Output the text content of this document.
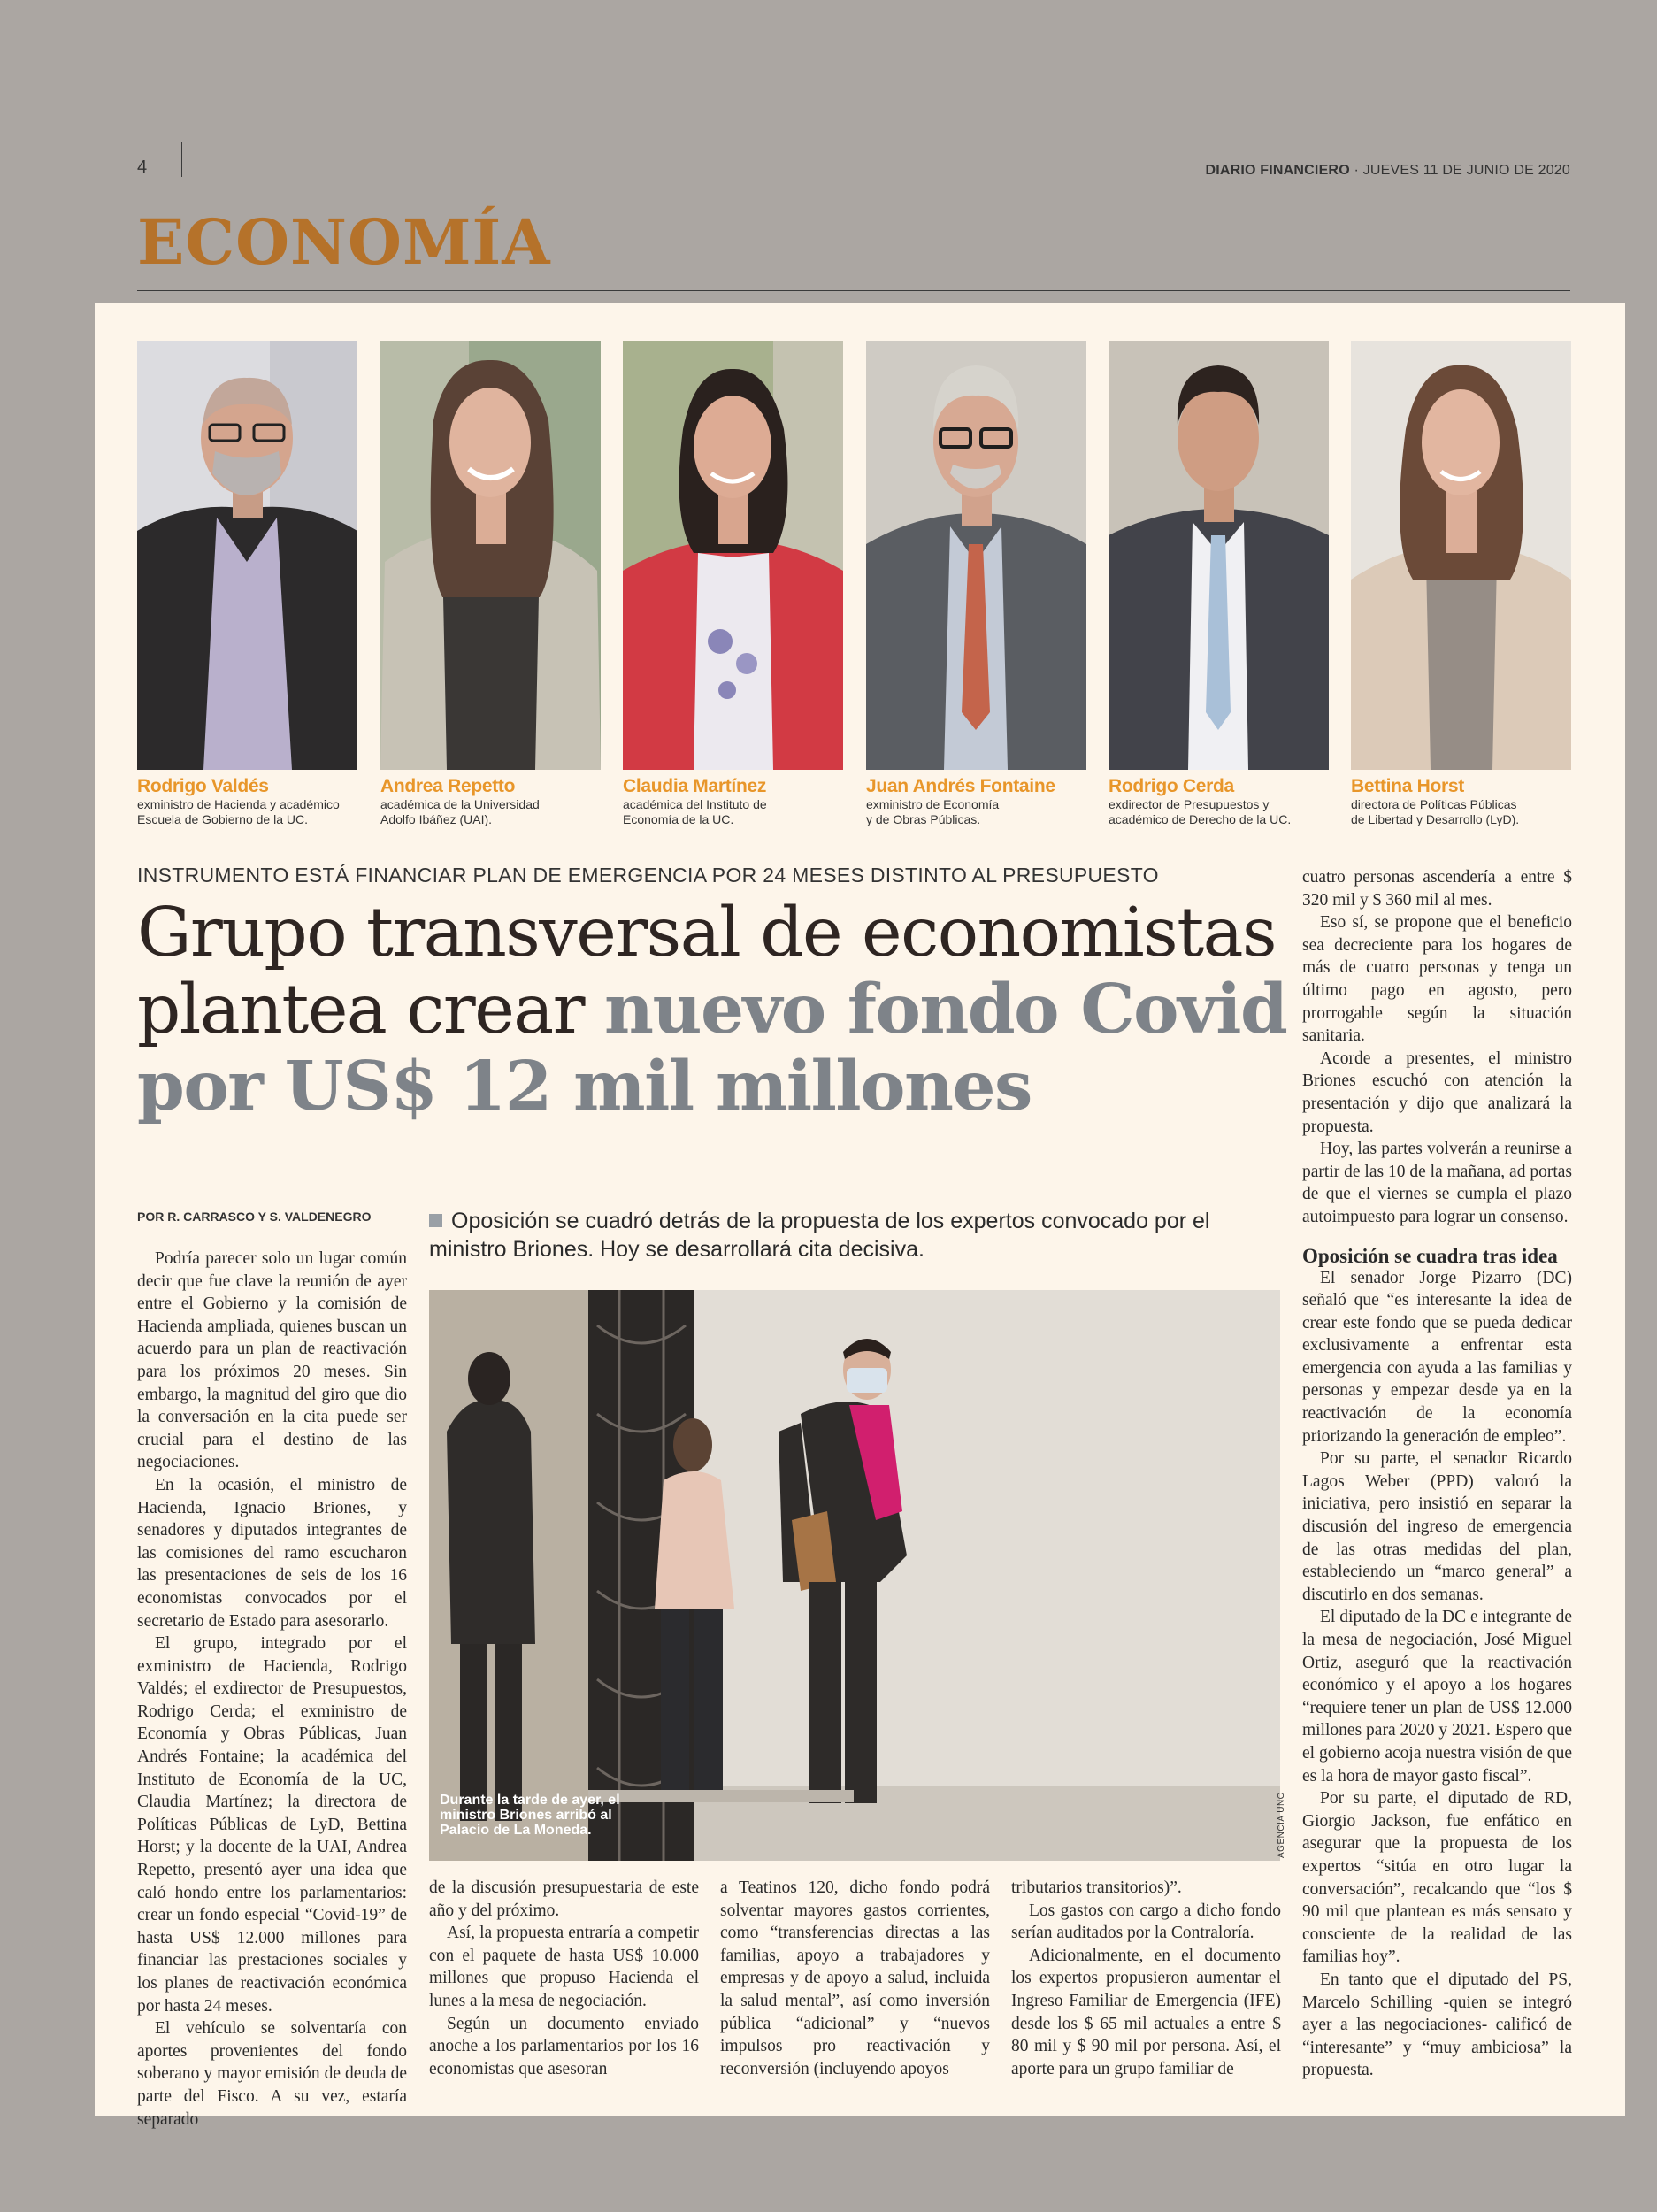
4	DIARIO FINANCIERO · JUEVES 11 DE JUNIO DE 2020
ECONOMÍA
Rodrigo Valdés
exministro de Hacienda y académico
Escuela de Gobierno de la UC.
Andrea Repetto
académica de la Universidad
Adolfo Ibáñez (UAI).
Claudia Martínez
académica del Instituto de
Economía de la UC.
Juan Andrés Fontaine
exministro de Economía
y de Obras Públicas.
Rodrigo Cerda
exdirector de Presupuestos y
académico de Derecho de la UC.
Bettina Horst
directora de Políticas Públicas
de Libertad y Desarrollo (LyD).
INSTRUMENTO ESTÁ FINANCIAR PLAN DE EMERGENCIA POR 24 MESES DISTINTO AL PRESUPUESTO
Grupo transversal de economistas plantea crear nuevo fondo Covid por US$ 12 mil millones
POR R. CARRASCO Y S. VALDENEGRO	Oposición se cuadró detrás de la propuesta de los expertos convocado por el ministro Briones. Hoy se desarrollará cita decisiva.

Podría parecer solo un lugar común decir que fue clave la reunión de ayer entre el Gobierno y la comisión de Hacienda ampliada, quienes buscan un acuerdo para un plan de reactivación para los próximos 20 meses. Sin embargo, la magnitud del giro que dio la conversación en la cita puede ser crucial para el destino de las negociaciones.

En la ocasión, el ministro de Hacienda, Ignacio Briones, y senadores y diputados integrantes de las comisiones del ramo escucharon las presentaciones de seis de los 16 economistas convocados por el secretario de Estado para asesorarlo.

El grupo, integrado por el exministro de Hacienda, Rodrigo Valdés; el exdirector de Presupuestos, Rodrigo Cerda; el exministro de Economía y Obras Públicas, Juan Andrés Fontaine; la académica del Instituto de Economía de la UC, Claudia Martínez; la directora de Políticas Públicas de LyD, Bettina Horst; y la docente de la UAI, Andrea Repetto, presentó ayer una idea que caló hondo entre los parlamentarios: crear un fondo especial “Covid-19” de hasta US$ 12.000 millones para financiar las prestaciones sociales y los planes de reactivación económica por hasta 24 meses.

El vehículo se solventaría con aportes provenientes del fondo soberano y mayor emisión de deuda de parte del Fisco. A su vez, estaría separado

Durante la tarde de ayer, el ministro Briones arribó al Palacio de La Moneda.	AGENCIA UNO

de la discusión presupuestaria de este año y del próximo.

Así, la propuesta entraría a competir con el paquete de hasta US$ 10.000 millones que propuso Hacienda el lunes a la mesa de negociación.

Según un documento enviado anoche a los parlamentarios por los 16 economistas que asesoran

a Teatinos 120, dicho fondo podrá solventar mayores gastos corrientes, como “transferencias directas a las familias, apoyo a trabajadores y empresas y de apoyo a salud, incluida la salud mental”, así como inversión pública “adicional” y “nuevos impulsos pro reactivación y reconversión (incluyendo apoyos

tributarios transitorios)”.

Los gastos con cargo a dicho fondo serían auditados por la Contraloría.

Adicionalmente, en el documento los expertos propusieron aumentar el Ingreso Familiar de Emergencia (IFE) desde los $ 65 mil actuales a entre $ 80 mil y $ 90 mil por persona. Así, el aporte para un grupo familiar de

cuatro personas ascendería a entre $ 320 mil y $ 360 mil al mes.

Eso sí, se propone que el beneficio sea decreciente para los hogares de más de cuatro personas y tenga un último pago en agosto, pero prorrogable según la situación sanitaria.

Acorde a presentes, el ministro Briones escuchó con atención la presentación y dijo que analizará la propuesta.

Hoy, las partes volverán a reunirse a partir de las 10 de la mañana, ad portas de que el viernes se cumpla el plazo autoimpuesto para lograr un consenso.

Oposición se cuadra tras idea

El senador Jorge Pizarro (DC) señaló que “es interesante la idea de crear este fondo que se pueda dedicar exclusivamente a enfrentar esta emergencia con ayuda a las familias y personas y empezar desde ya en la reactivación de la economía priorizando la generación de empleo”.

Por su parte, el senador Ricardo Lagos Weber (PPD) valoró la iniciativa, pero insistió en separar la discusión del ingreso de emergencia de las otras medidas del plan, estableciendo un “marco general” a discutirlo en dos semanas.

El diputado de la DC e integrante de la mesa de negociación, José Miguel Ortiz, aseguró que la reactivación económico y el apoyo a los hogares “requiere tener un plan de US$ 12.000 millones para 2020 y 2021. Espero que el gobierno acoja nuestra visión de que es la hora de mayor gasto fiscal”.

Por su parte, el diputado de RD, Giorgio Jackson, fue enfático en asegurar que la propuesta de los expertos “sitúa en otro lugar la conversación”, recalcando que “los $ 90 mil que plantean es más sensato y consciente de la realidad de las familias hoy”.

En tanto que el diputado del PS, Marcelo Schilling -quien se integró ayer a las negociaciones- calificó de “interesante” y “muy ambiciosa” la propuesta.
